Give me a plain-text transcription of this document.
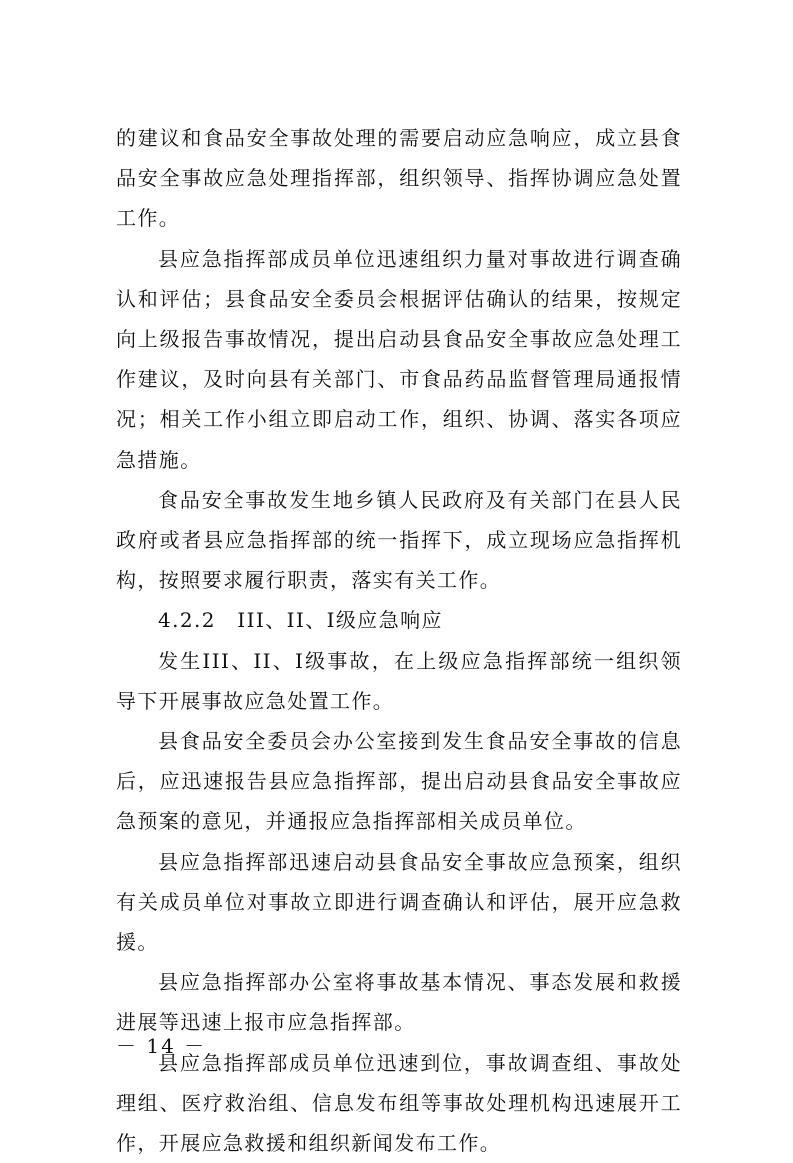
的建议和食品安全事故处理的需要启动应急响应，成立县食品安全事故应急处理指挥部，组织领导、指挥协调应急处置工作。

县应急指挥部成员单位迅速组织力量对事故进行调查确认和评估；县食品安全委员会根据评估确认的结果，按规定向上级报告事故情况，提出启动县食品安全事故应急处理工作建议，及时向县有关部门、市食品药品监督管理局通报情况；相关工作小组立即启动工作，组织、协调、落实各项应急措施。

食品安全事故发生地乡镇人民政府及有关部门在县人民政府或者县应急指挥部的统一指挥下，成立现场应急指挥机构，按照要求履行职责，落实有关工作。

4.2.2　III、II、I级应急响应

发生III、II、I级事故，在上级应急指挥部统一组织领导下开展事故应急处置工作。

县食品安全委员会办公室接到发生食品安全事故的信息后，应迅速报告县应急指挥部，提出启动县食品安全事故应急预案的意见，并通报应急指挥部相关成员单位。

县应急指挥部迅速启动县食品安全事故应急预案，组织有关成员单位对事故立即进行调查确认和评估，展开应急救援。

县应急指挥部办公室将事故基本情况、事态发展和救援进展等迅速上报市应急指挥部。

县应急指挥部成员单位迅速到位，事故调查组、事故处理组、医疗救治组、信息发布组等事故处理机构迅速展开工作，开展应急救援和组织新闻发布工作。

－ 14 －
